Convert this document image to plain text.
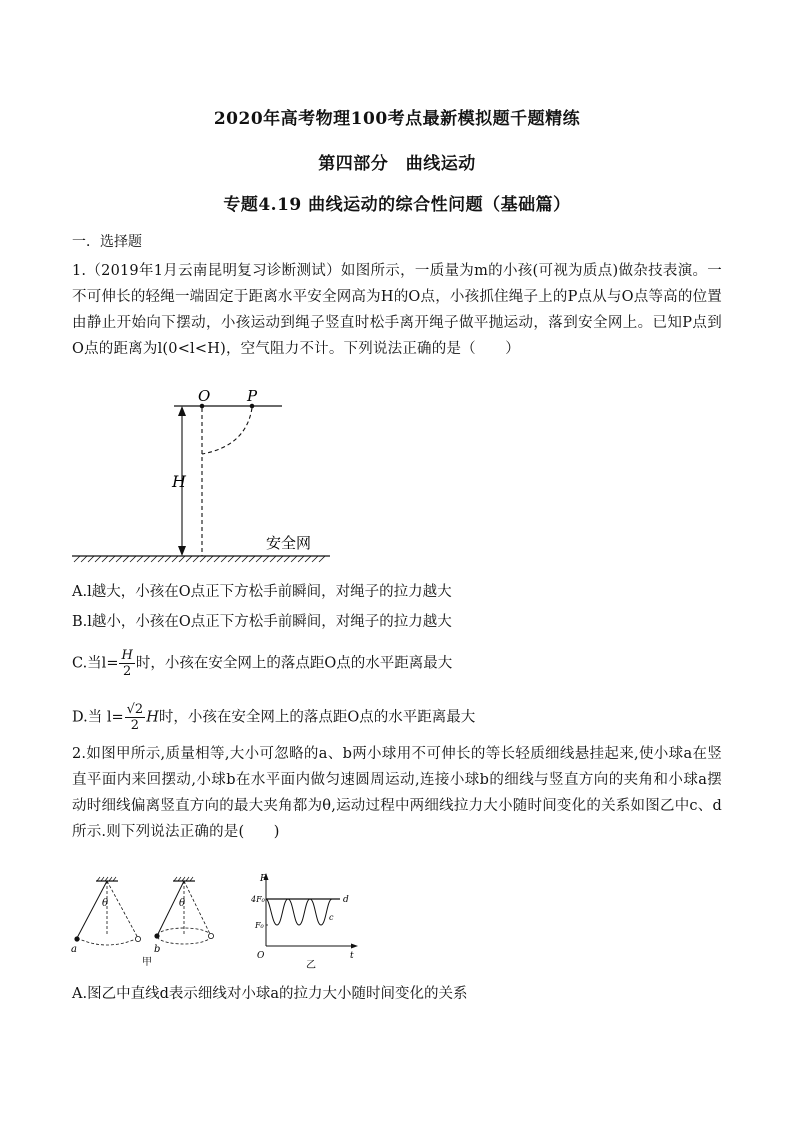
2020年高考物理100考点最新模拟题千题精练
第四部分　曲线运动
专题4.19 曲线运动的综合性问题（基础篇）
一．选择题
1.（2019年1月云南昆明复习诊断测试）如图所示，一质量为m的小孩(可视为质点)做杂技表演。一不可伸长的轻绳一端固定于距离水平安全网高为H的O点，小孩抓住绳子上的P点从与O点等高的位置由静止开始向下摆动，小孩运动到绳子竖直时松手离开绳子做平抛运动，落到安全网上。已知P点到O点的距离为l(0<l<H)，空气阻力不计。下列说法正确的是（　　）
O P
H
安全网
A.l越大，小孩在O点正下方松手前瞬间，对绳子的拉力越大
B.l越小，小孩在O点正下方松手前瞬间，对绳子的拉力越大
C.当$l= \frac{H}{2}$ 时，小孩在安全网上的落点距O点的水平距离最大
D.当 $l= \frac{√2}{2}$ H时，小孩在安全网上的落点距O点的水平距离最大
2.如图甲所示,质量相等,大小可忽略的a、b两小球用不可伸长的等长轻质细线悬挂起来,使小球a在竖直平面内来回摆动,小球b在水平面内做匀速圆周运动,连接小球b的细线与竖直方向的夹角和小球a摆动时细线偏离竖直方向的最大夹角都为θ,运动过程中两细线拉力大小随时间变化的关系如图乙中c、d所示.则下列说法正确的是(　　)
θ
a
θ
b
甲
F
t
O
4F₀
F₀
d
c
乙
A.图乙中直线d表示细线对小球a的拉力大小随时间变化的关系
